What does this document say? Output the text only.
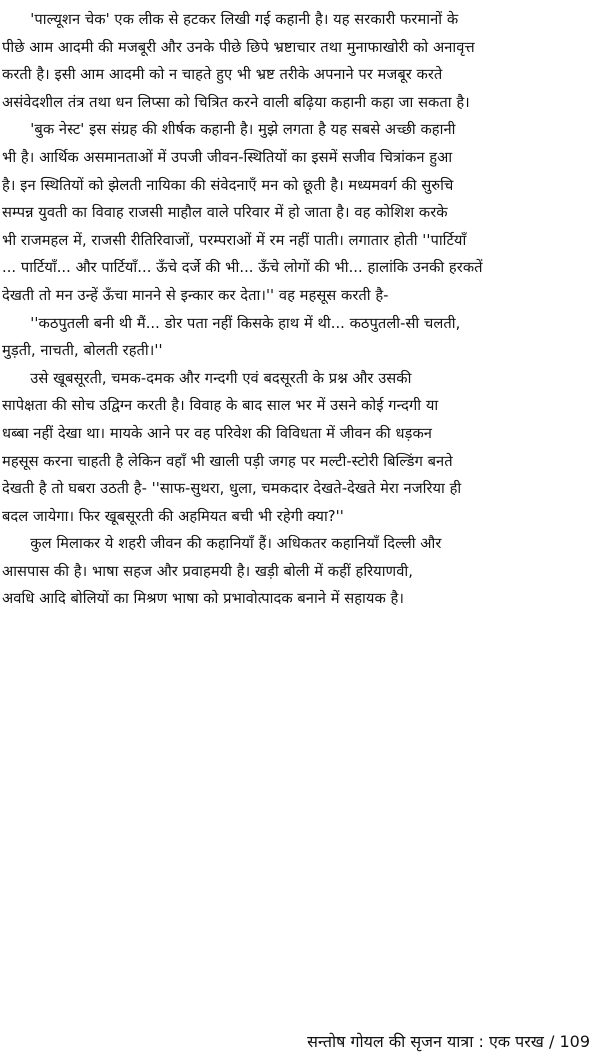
'पाल्यूशन चेक' एक लीक से हटकर लिखी गई कहानी है। यह सरकारी फरमानों के
पीछे आम आदमी की मजबूरी और उनके पीछे छिपे भ्रष्टाचार तथा मुनाफाखोरी को अनावृत्त
करती है। इसी आम आदमी को न चाहते हुए भी भ्रष्ट तरीके अपनाने पर मजबूर करते
असंवेदशील तंत्र तथा धन लिप्सा को चित्रित करने वाली बढ़िया कहानी कहा जा सकता है।
'बुक नेस्ट' इस संग्रह की शीर्षक कहानी है। मुझे लगता है यह सबसे अच्छी कहानी
भी है। आर्थिक असमानताओं में उपजी जीवन-स्थितियों का इसमें सजीव चित्रांकन हुआ
है। इन स्थितियों को झेलती नायिका की संवेदनाएँ मन को छूती है। मध्यमवर्ग की सुरुचि
सम्पन्न युवती का विवाह राजसी माहौल वाले परिवार में हो जाता है। वह कोशिश करके
भी राजमहल में, राजसी रीतिरिवाजों, परम्पराओं में रम नहीं पाती। लगातार होती ''पार्टियाँ
... पार्टियाँ... और पार्टियाँ... ऊँचे दर्जे की भी... ऊँचे लोगों की भी... हालांकि उनकी हरकतें
देखती तो मन उन्हें ऊँचा मानने से इन्कार कर देता।'' वह महसूस करती है-
''कठपुतली बनी थी मैं... डोर पता नहीं किसके हाथ में थी... कठपुतली-सी चलती,
मुड़ती, नाचती, बोलती रहती।''
उसे खूबसूरती, चमक-दमक और गन्दगी एवं बदसूरती के प्रश्न और उसकी
सापेक्षता की सोच उद्विग्न करती है। विवाह के बाद साल भर में उसने कोई गन्दगी या
धब्बा नहीं देखा था। मायके आने पर वह परिवेश की विविधता में जीवन की धड़कन
महसूस करना चाहती है लेकिन वहाँ भी खाली पड़ी जगह पर मल्टी-स्टोरी बिल्डिंग बनते
देखती है तो घबरा उठती है- ''साफ-सुथरा, धुला, चमकदार देखते-देखते मेरा नजरिया ही
बदल जायेगा। फिर खूबसूरती की अहमियत बची भी रहेगी क्या?''
कुल मिलाकर ये शहरी जीवन की कहानियाँ हैं। अधिकतर कहानियाँ दिल्ली और
आसपास की है। भाषा सहज और प्रवाहमयी है। खड़ी बोली में कहीं हरियाणवी,
अवधि आदि बोलियों का मिश्रण भाषा को प्रभावोत्पादक बनाने में सहायक है।
सन्तोष गोयल की सृजन यात्रा : एक परख / 109
